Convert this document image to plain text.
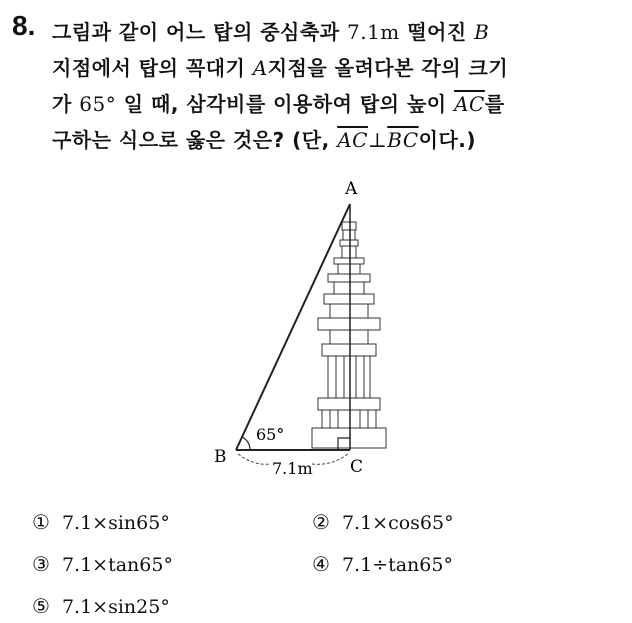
8. 그림과 같이 어느 탑의 중심축과 7.1m 떨어진 B
지점에서 탑의 꼭대기 A지점을 올려다본 각의 크기
가 65° 일 때, 삼각비를 이용하여 탑의 높이 $\overline{AC}$를
구하는 식으로 옳은 것은? (단, $\overline{AC}\perp\overline{BC}$이다.)
A
B	C
65°
7.1m
① 7.1×sin65°	② 7.1×cos65°
③ 7.1×tan65°	④ 7.1÷tan65°
⑤ 7.1×sin25°
